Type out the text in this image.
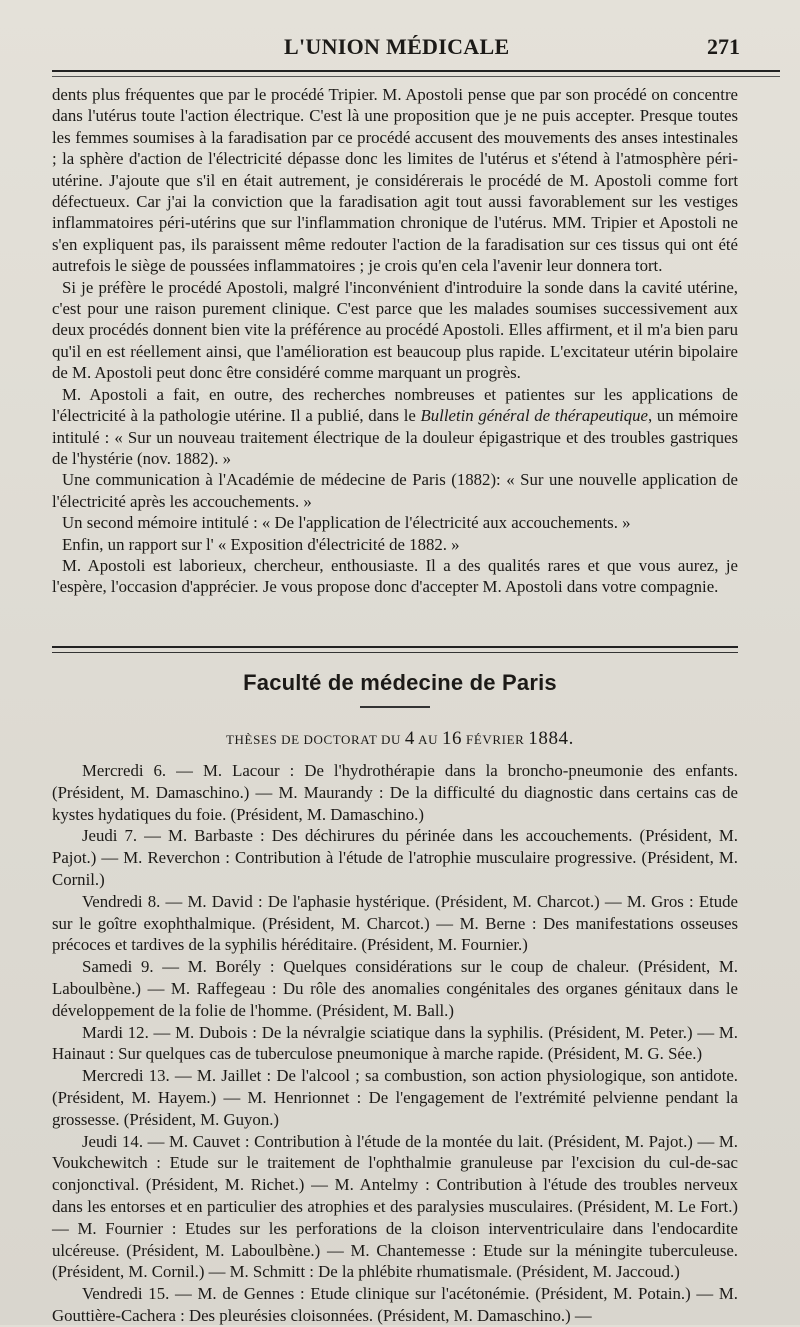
L'UNION MÉDICALE	271

dents plus fréquentes que par le procédé Tripier. M. Apostoli pense que par son procédé on concentre dans l'utérus toute l'action électrique. C'est là une proposition que je ne puis accepter. Presque toutes les femmes soumises à la faradisation par ce procédé accusent des mouvements des anses intestinales ; la sphère d'action de l'électricité dépasse donc les limites de l'utérus et s'étend à l'atmosphère péri-utérine. J'ajoute que s'il en était autrement, je considérerais le procédé de M. Apostoli comme fort défectueux. Car j'ai la conviction que la faradisation agit tout aussi favorablement sur les vestiges inflammatoires péri-utérins que sur l'inflammation chronique de l'utérus. MM. Tripier et Apostoli ne s'en expliquent pas, ils paraissent même redouter l'action de la faradisation sur ces tissus qui ont été autrefois le siège de poussées inflammatoires ; je crois qu'en cela l'avenir leur donnera tort.

Si je préfère le procédé Apostoli, malgré l'inconvénient d'introduire la sonde dans la cavité utérine, c'est pour une raison purement clinique. C'est parce que les malades soumises successivement aux deux procédés donnent bien vite la préférence au procédé Apostoli. Elles affirment, et il m'a bien paru qu'il en est réellement ainsi, que l'amélioration est beaucoup plus rapide. L'excitateur utérin bipolaire de M. Apostoli peut donc être considéré comme marquant un progrès.

M. Apostoli a fait, en outre, des recherches nombreuses et patientes sur les applications de l'électricité à la pathologie utérine. Il a publié, dans le Bulletin général de thérapeutique, un mémoire intitulé : « Sur un nouveau traitement électrique de la douleur épigastrique et des troubles gastriques de l'hystérie (nov. 1882). »

Une communication à l'Académie de médecine de Paris (1882): « Sur une nouvelle application de l'électricité après les accouchements. »

Un second mémoire intitulé : « De l'application de l'électricité aux accouchements. »

Enfin, un rapport sur l' « Exposition d'électricité de 1882. »

M. Apostoli est laborieux, chercheur, enthousiaste. Il a des qualités rares et que vous aurez, je l'espère, l'occasion d'apprécier. Je vous propose donc d'accepter M. Apostoli dans votre compagnie.

Faculté de médecine de Paris
THÈSES DE DOCTORAT DU 4 AU 16 FÉVRIER 1884.

Mercredi 6. — M. Lacour : De l'hydrothérapie dans la broncho-pneumonie des enfants. (Président, M. Damaschino.) — M. Maurandy : De la difficulté du diagnostic dans certains cas de kystes hydatiques du foie. (Président, M. Damaschino.)

Jeudi 7. — M. Barbaste : Des déchirures du périnée dans les accouchements. (Président, M. Pajot.) — M. Reverchon : Contribution à l'étude de l'atrophie musculaire progressive. (Président, M. Cornil.)

Vendredi 8. — M. David : De l'aphasie hystérique. (Président, M. Charcot.) — M. Gros : Etude sur le goître exophthalmique. (Président, M. Charcot.) — M. Berne : Des manifestations osseuses précoces et tardives de la syphilis héréditaire. (Président, M. Fournier.)

Samedi 9. — M. Borély : Quelques considérations sur le coup de chaleur. (Président, M. Laboulbène.) — M. Raffegeau : Du rôle des anomalies congénitales des organes génitaux dans le développement de la folie de l'homme. (Président, M. Ball.)

Mardi 12. — M. Dubois : De la névralgie sciatique dans la syphilis. (Président, M. Peter.) — M. Hainaut : Sur quelques cas de tuberculose pneumonique à marche rapide. (Président, M. G. Sée.)

Mercredi 13. — M. Jaillet : De l'alcool ; sa combustion, son action physiologique, son antidote. (Président, M. Hayem.) — M. Henrionnet : De l'engagement de l'extrémité pelvienne pendant la grossesse. (Président, M. Guyon.)

Jeudi 14. — M. Cauvet : Contribution à l'étude de la montée du lait. (Président, M. Pajot.) — M. Voukchewitch : Etude sur le traitement de l'ophthalmie granuleuse par l'excision du cul-de-sac conjonctival. (Président, M. Richet.) — M. Antelmy : Contribution à l'étude des troubles nerveux dans les entorses et en particulier des atrophies et des paralysies musculaires. (Président, M. Le Fort.) — M. Fournier : Etudes sur les perforations de la cloison interventriculaire dans l'endocardite ulcéreuse. (Président, M. Laboulbène.) — M. Chantemesse : Etude sur la méningite tuberculeuse. (Président, M. Cornil.) — M. Schmitt : De la phlébite rhumatismale. (Président, M. Jaccoud.)

Vendredi 15. — M. de Gennes : Etude clinique sur l'acétonémie. (Président, M. Potain.) — M. Gouttière-Cachera : Des pleurésies cloisonnées. (Président, M. Damaschino.) —
